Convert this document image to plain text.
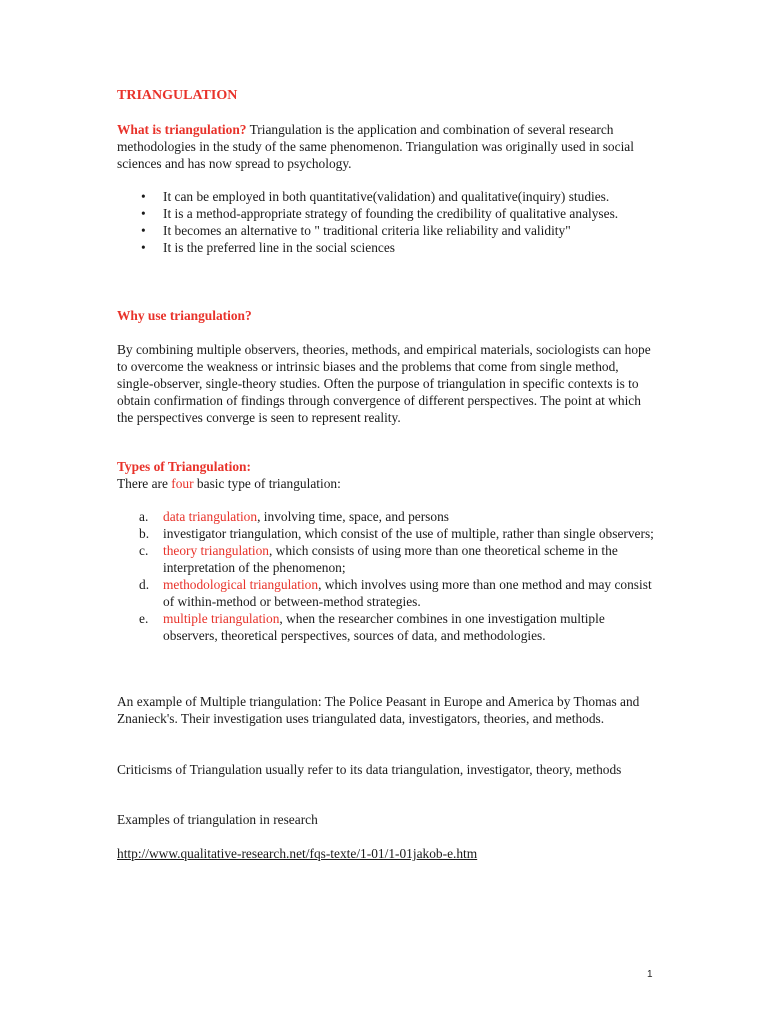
TRIANGULATION

What is triangulation? Triangulation is the application and combination of several research methodologies in the study of the same phenomenon. Triangulation was originally used in social sciences and has now spread to psychology.

• It can be employed in both quantitative(validation) and qualitative(inquiry) studies.
• It is a method-appropriate strategy of founding the credibility of qualitative analyses.
• It becomes an alternative to " traditional criteria like reliability and validity"
• It is the preferred line in the social sciences

Why use triangulation?

By combining multiple observers, theories, methods, and empirical materials, sociologists can hope to overcome the weakness or intrinsic biases and the problems that come from single method, single-observer, single-theory studies. Often the purpose of triangulation in specific contexts is to obtain confirmation of findings through convergence of different perspectives. The point at which the perspectives converge is seen to represent reality.

Types of Triangulation:

There are four basic type of triangulation:

a. data triangulation, involving time, space, and persons
b. investigator triangulation, which consist of the use of multiple, rather than single observers;
c. theory triangulation, which consists of using more than one theoretical scheme in the interpretation of the phenomenon;
d. methodological triangulation, which involves using more than one method and may consist of within-method or between-method strategies.
e. multiple triangulation, when the researcher combines in one investigation multiple observers, theoretical perspectives, sources of data, and methodologies.

An example of Multiple triangulation: The Police Peasant in Europe and America by Thomas and Znanieck's. Their investigation uses triangulated data, investigators, theories, and methods.

Criticisms of Triangulation usually refer to its data triangulation, investigator, theory, methods

Examples of triangulation in research

http://www.qualitative-research.net/fqs-texte/1-01/1-01jakob-e.htm

1
